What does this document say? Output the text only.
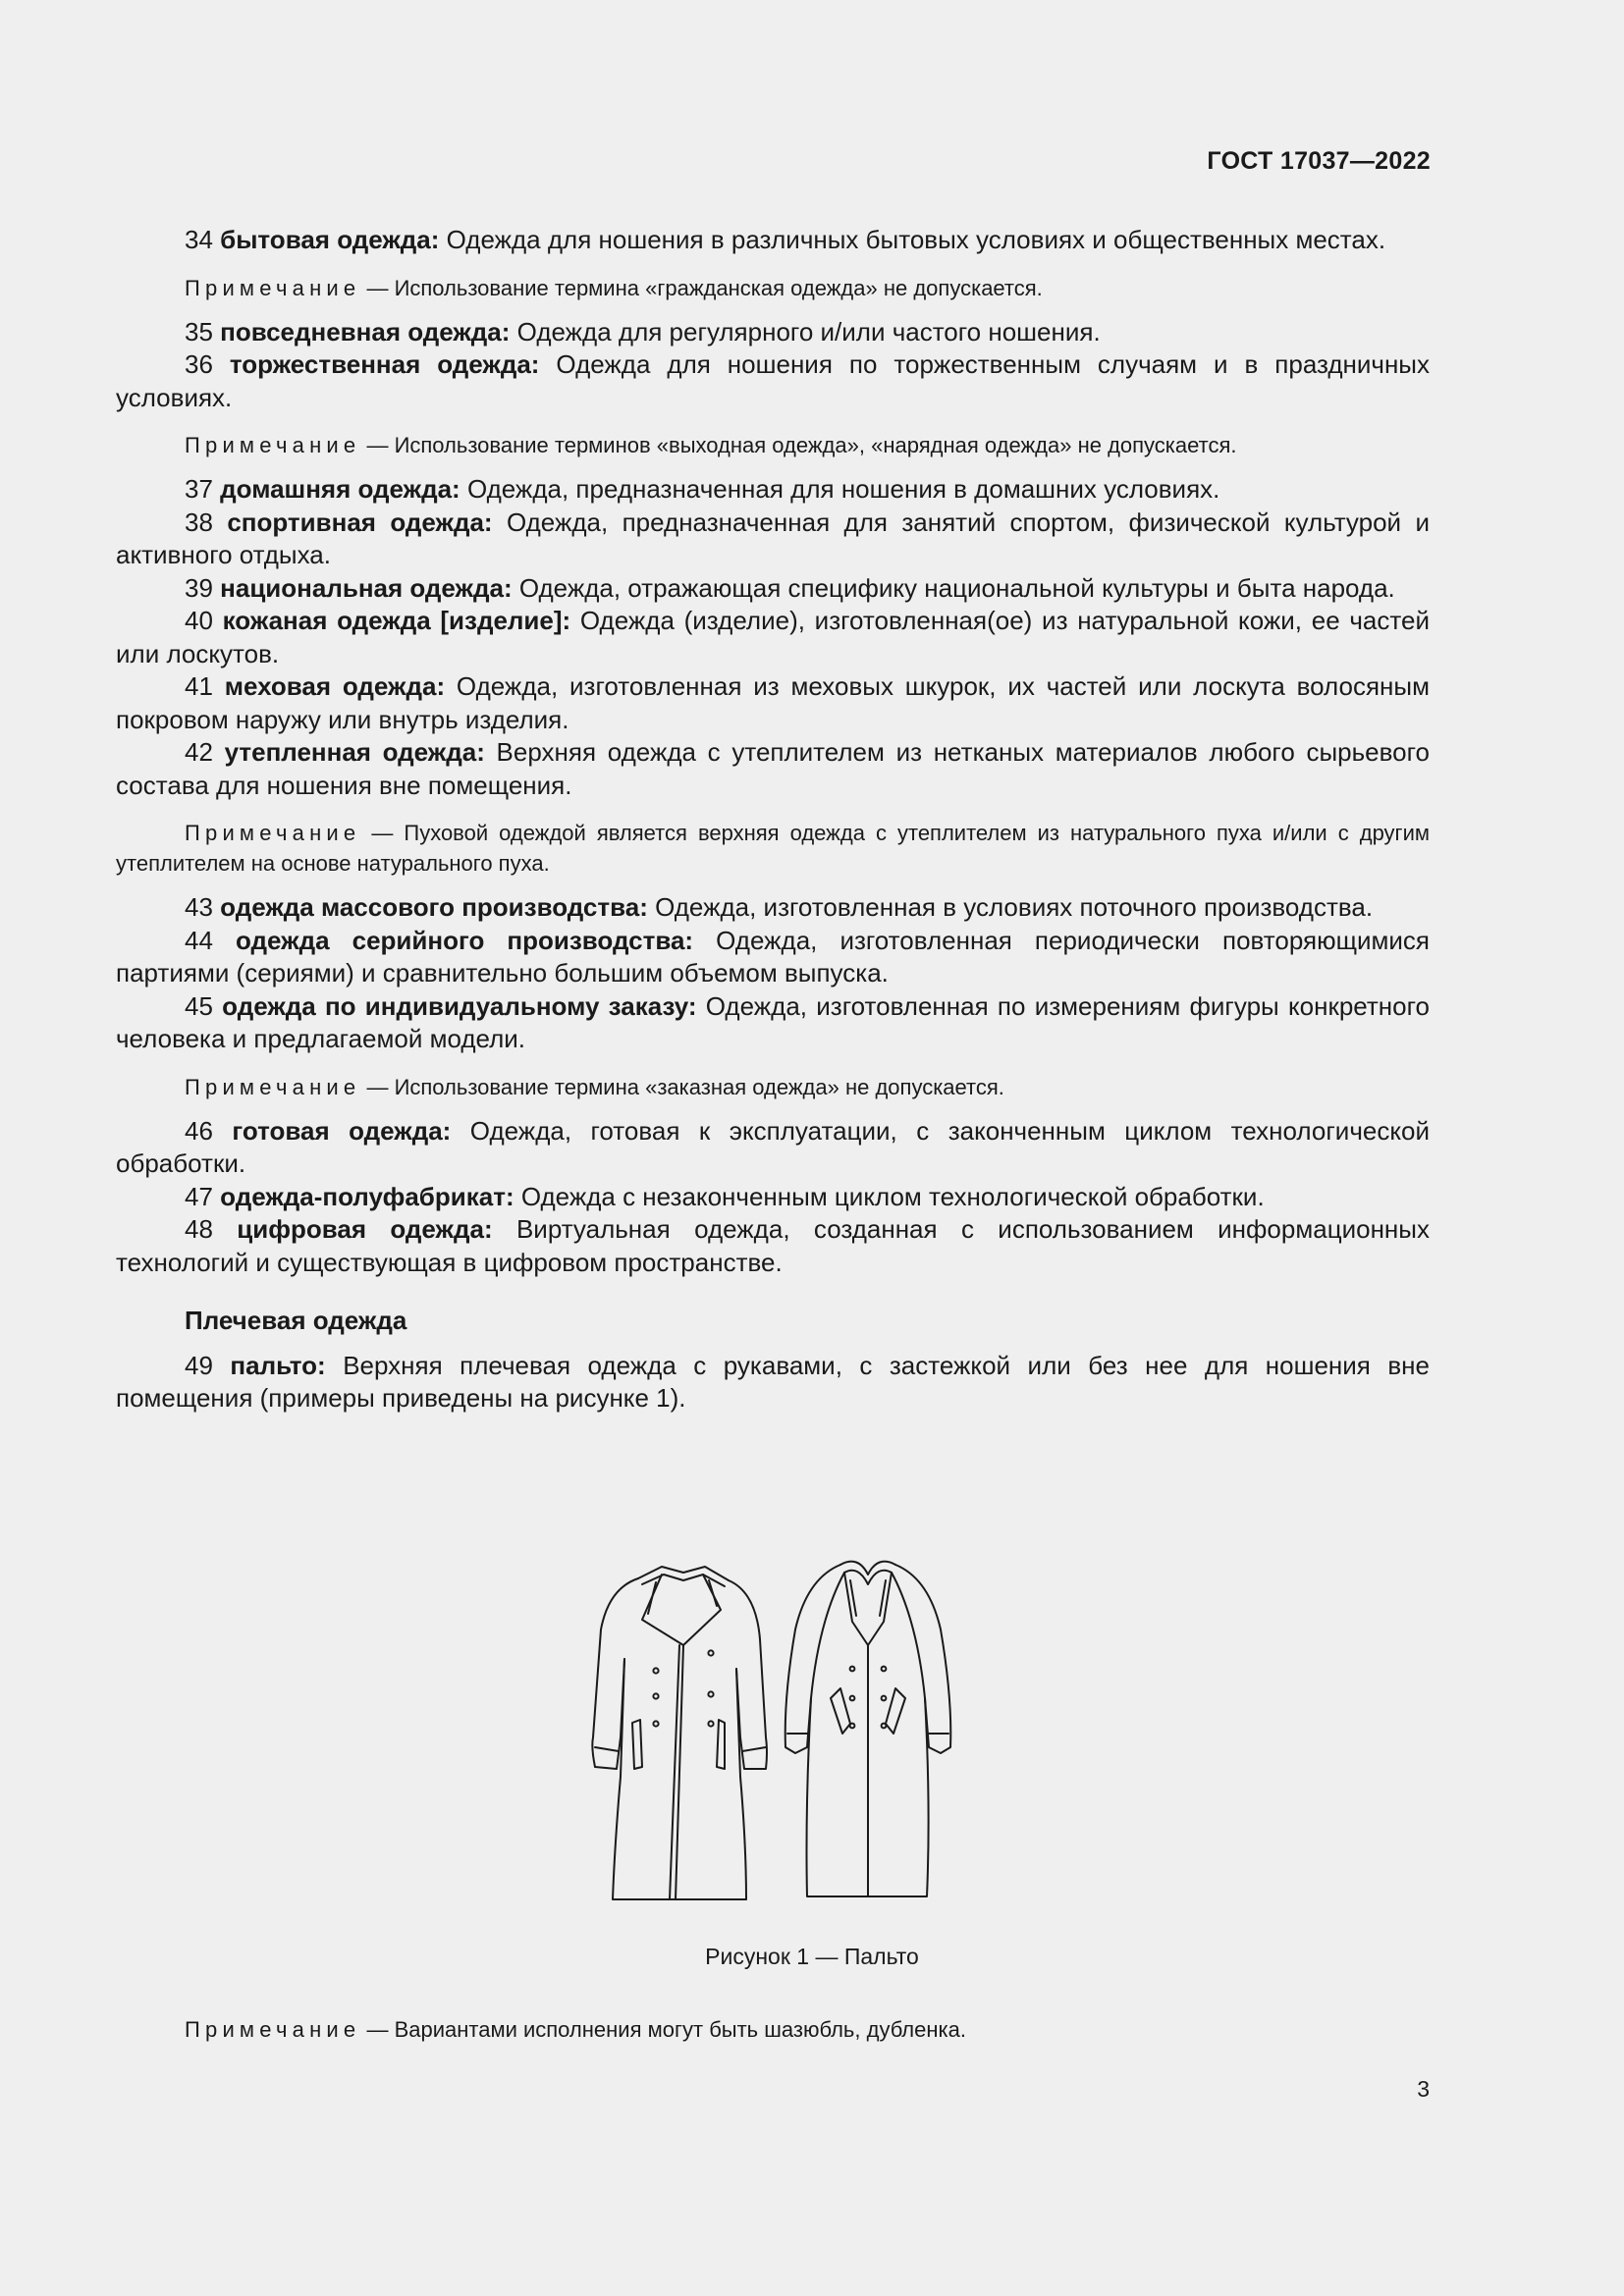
ГОСТ 17037—2022

34 бытовая одежда: Одежда для ношения в различных бытовых условиях и общественных местах.

Примечание — Использование термина «гражданская одежда» не допускается.

35 повседневная одежда: Одежда для регулярного и/или частого ношения.

36 торжественная одежда: Одежда для ношения по торжественным случаям и в праздничных условиях.

Примечание — Использование терминов «выходная одежда», «нарядная одежда» не допускается.

37 домашняя одежда: Одежда, предназначенная для ношения в домашних условиях.

38 спортивная одежда: Одежда, предназначенная для занятий спортом, физической культурой и активного отдыха.

39 национальная одежда: Одежда, отражающая специфику национальной культуры и быта народа.

40 кожаная одежда [изделие]: Одежда (изделие), изготовленная(ое) из натуральной кожи, ее частей или лоскутов.

41 меховая одежда: Одежда, изготовленная из меховых шкурок, их частей или лоскута волосяным покровом наружу или внутрь изделия.

42 утепленная одежда: Верхняя одежда с утеплителем из нетканых материалов любого сырьевого состава для ношения вне помещения.

Примечание — Пуховой одеждой является верхняя одежда с утеплителем из натурального пуха и/или с другим утеплителем на основе натурального пуха.

43 одежда массового производства: Одежда, изготовленная в условиях поточного производства.

44 одежда серийного производства: Одежда, изготовленная периодически повторяющимися партиями (сериями) и сравнительно большим объемом выпуска.

45 одежда по индивидуальному заказу: Одежда, изготовленная по измерениям фигуры конкретного человека и предлагаемой модели.

Примечание — Использование термина «заказная одежда» не допускается.

46 готовая одежда: Одежда, готовая к эксплуатации, с законченным циклом технологической обработки.

47 одежда-полуфабрикат: Одежда с незаконченным циклом технологической обработки.

48 цифровая одежда: Виртуальная одежда, созданная с использованием информационных технологий и существующая в цифровом пространстве.

Плечевая одежда

49 пальто: Верхняя плечевая одежда с рукавами, с застежкой или без нее для ношения вне помещения (примеры приведены на рисунке 1).

Рисунок 1 — Пальто
Примечание — Вариантами исполнения могут быть шазюбль, дубленка.
3
